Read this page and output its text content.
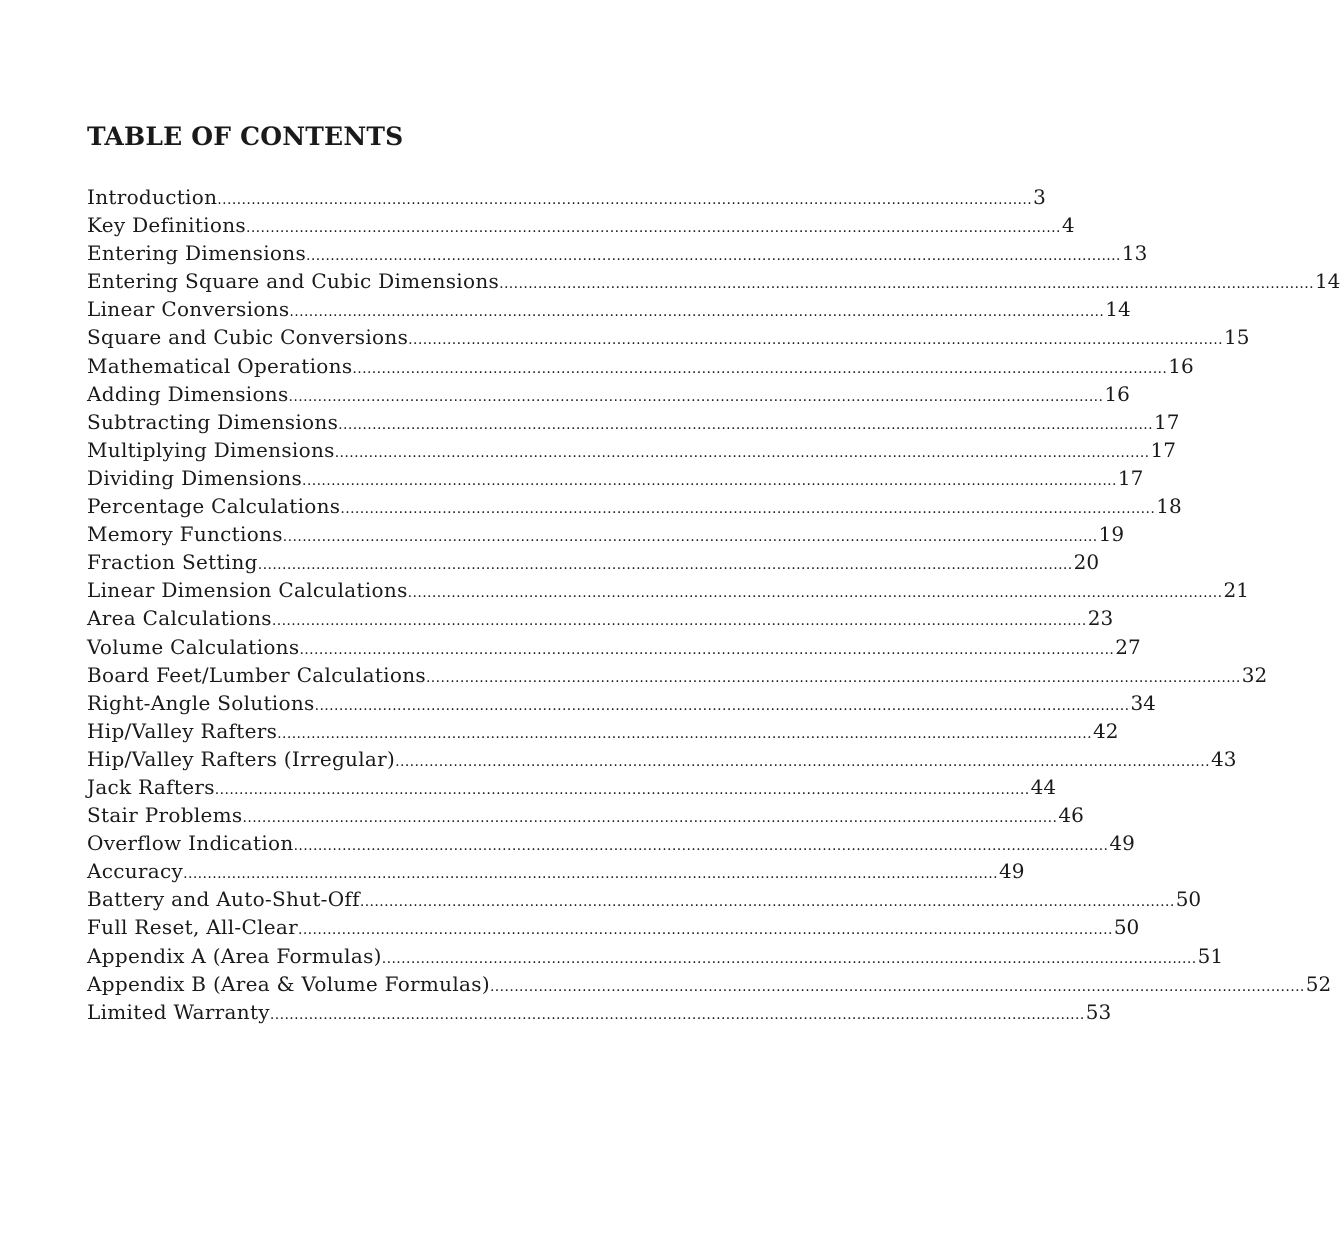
TABLE OF CONTENTS
Introduction ........................................................................................................................................................................ 3
Key Definitions ........................................................................................................................................................................ 4
Entering Dimensions ........................................................................................................................................................................ 13
Entering Square and Cubic Dimensions ........................................................................................................................................................................ 14
Linear Conversions ........................................................................................................................................................................ 14
Square and Cubic Conversions ........................................................................................................................................................................ 15
Mathematical Operations ........................................................................................................................................................................ 16
Adding Dimensions ........................................................................................................................................................................ 16
Subtracting Dimensions ........................................................................................................................................................................ 17
Multiplying Dimensions ........................................................................................................................................................................ 17
Dividing Dimensions ........................................................................................................................................................................ 17
Percentage Calculations ........................................................................................................................................................................ 18
Memory Functions ........................................................................................................................................................................ 19
Fraction Setting ........................................................................................................................................................................ 20
Linear Dimension Calculations ........................................................................................................................................................................ 21
Area Calculations ........................................................................................................................................................................ 23
Volume Calculations ........................................................................................................................................................................ 27
Board Feet/Lumber Calculations ........................................................................................................................................................................ 32
Right-Angle Solutions ........................................................................................................................................................................ 34
Hip/Valley Rafters ........................................................................................................................................................................ 42
Hip/Valley Rafters (Irregular) ........................................................................................................................................................................ 43
Jack Rafters ........................................................................................................................................................................ 44
Stair Problems ........................................................................................................................................................................ 46
Overflow Indication ........................................................................................................................................................................ 49
Accuracy ........................................................................................................................................................................ 49
Battery and Auto-Shut-Off ........................................................................................................................................................................ 50
Full Reset, All-Clear ........................................................................................................................................................................ 50
Appendix A (Area Formulas) ........................................................................................................................................................................ 51
Appendix B (Area & Volume Formulas) ........................................................................................................................................................................ 52
Limited Warranty ........................................................................................................................................................................ 53
